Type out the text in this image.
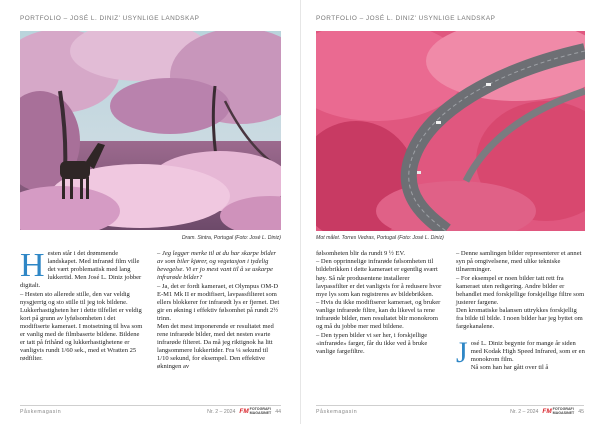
PORTFOLIO – JOSÉ L. DINIZ' USYNLIGE LANDSKAP
Dram. Sintra, Portugal (Foto: José L. Diniz)

H esten står i det drømmende landskapet. Med infrarød film ville det vært problematisk med lang lukkertid. Men José L. Diniz jobber digitalt.

– Hesten sto allerede stille, den var veldig nysgjerrig og sto stille til jeg tok bildene. Lukkerhastigheten her i dette tilfellet er veldig kort på grunn av lyfølsomheten i det modifiserte kameraet. I motsetning til hva som er vanlig med de filmbaserte bildene. Bildene er tatt på frihånd og lukkerhastighetene er vanligvis rundt 1/60 sek., med et Wratten 25 rødfilter.

– Jeg legger merke til at du har skarpe bilder av som biler kjører, og vegetasjon i tydelig bevegelse. Vi er jo mest vant til å se uskarpe infrarøde bilder?

– Ja, det er fordi kameraet, et Olympus OM-D E-M1 Mk II er modifisert, lavpassfilteret som ellers blokkerer for infrarødt lys er fjernet. Det gir en økning i effektiv følsomhet på rundt 2½ trinn.

Men det mest imponerende er resultatet med rene infrarøde bilder, med det nesten svarte infrarøde filteret. Da må jeg riktignok ha litt langsommere lukkertider. Fra ¼ sekund til 1/10 sekund, for eksempel. Den effektive økningen av

Påskemagasin	Nr. 2 – 2024 FM FOTOGRAFI
MAGASINET 44
PORTFOLIO – JOSÉ L. DINIZ' USYNLIGE LANDSKAP
Mot målet. Torres Vedras, Portugal (Foto: José L. Diniz)

følsomheten blir da rundt 9 ½ EV.

– Den opprinnelige infrarøde følsomheten til bildebrikken i dette kameraet er egentlig svært høy. Så når produsentene installerer lavpassfilter er det vanligvis for å redusere hvor mye lys som kan registreres av bildebrikken.

– Hvis du ikke modifiserer kameraet, og bruker vanlige infrarøde filtre, kan du likevel ta rene infrarøde bilder, men resultatet blir monokrom og må du jobbe mer med bildene.

– Den typen bilder vi ser her, i forskjellige «infrarøde» farger, får du ikke ved å bruke vanlige fargefiltre.

– Denne samlingen bilder representerer et annet syn på omgivelsene, med ulike tekniske tilnærminger.

– For eksempel er noen bilder tatt rett fra kameraet uten redigering. Andre bilder er behandlet med forskjellige forskjellige filtre som justerer fargene.

Den kromatiske balansen uttrykkes forskjellig fra bilde til bilde. I noen bilder har jeg byttet om fargekanalene.

J osé L. Diniz begynte for mange år siden med Kodak High Speed Infrared, som er en monokrom film.

Nå som han har gått over til å

Påskemagasin	Nr. 2 – 2024 FM FOTOGRAFI
MAGASINET 45
